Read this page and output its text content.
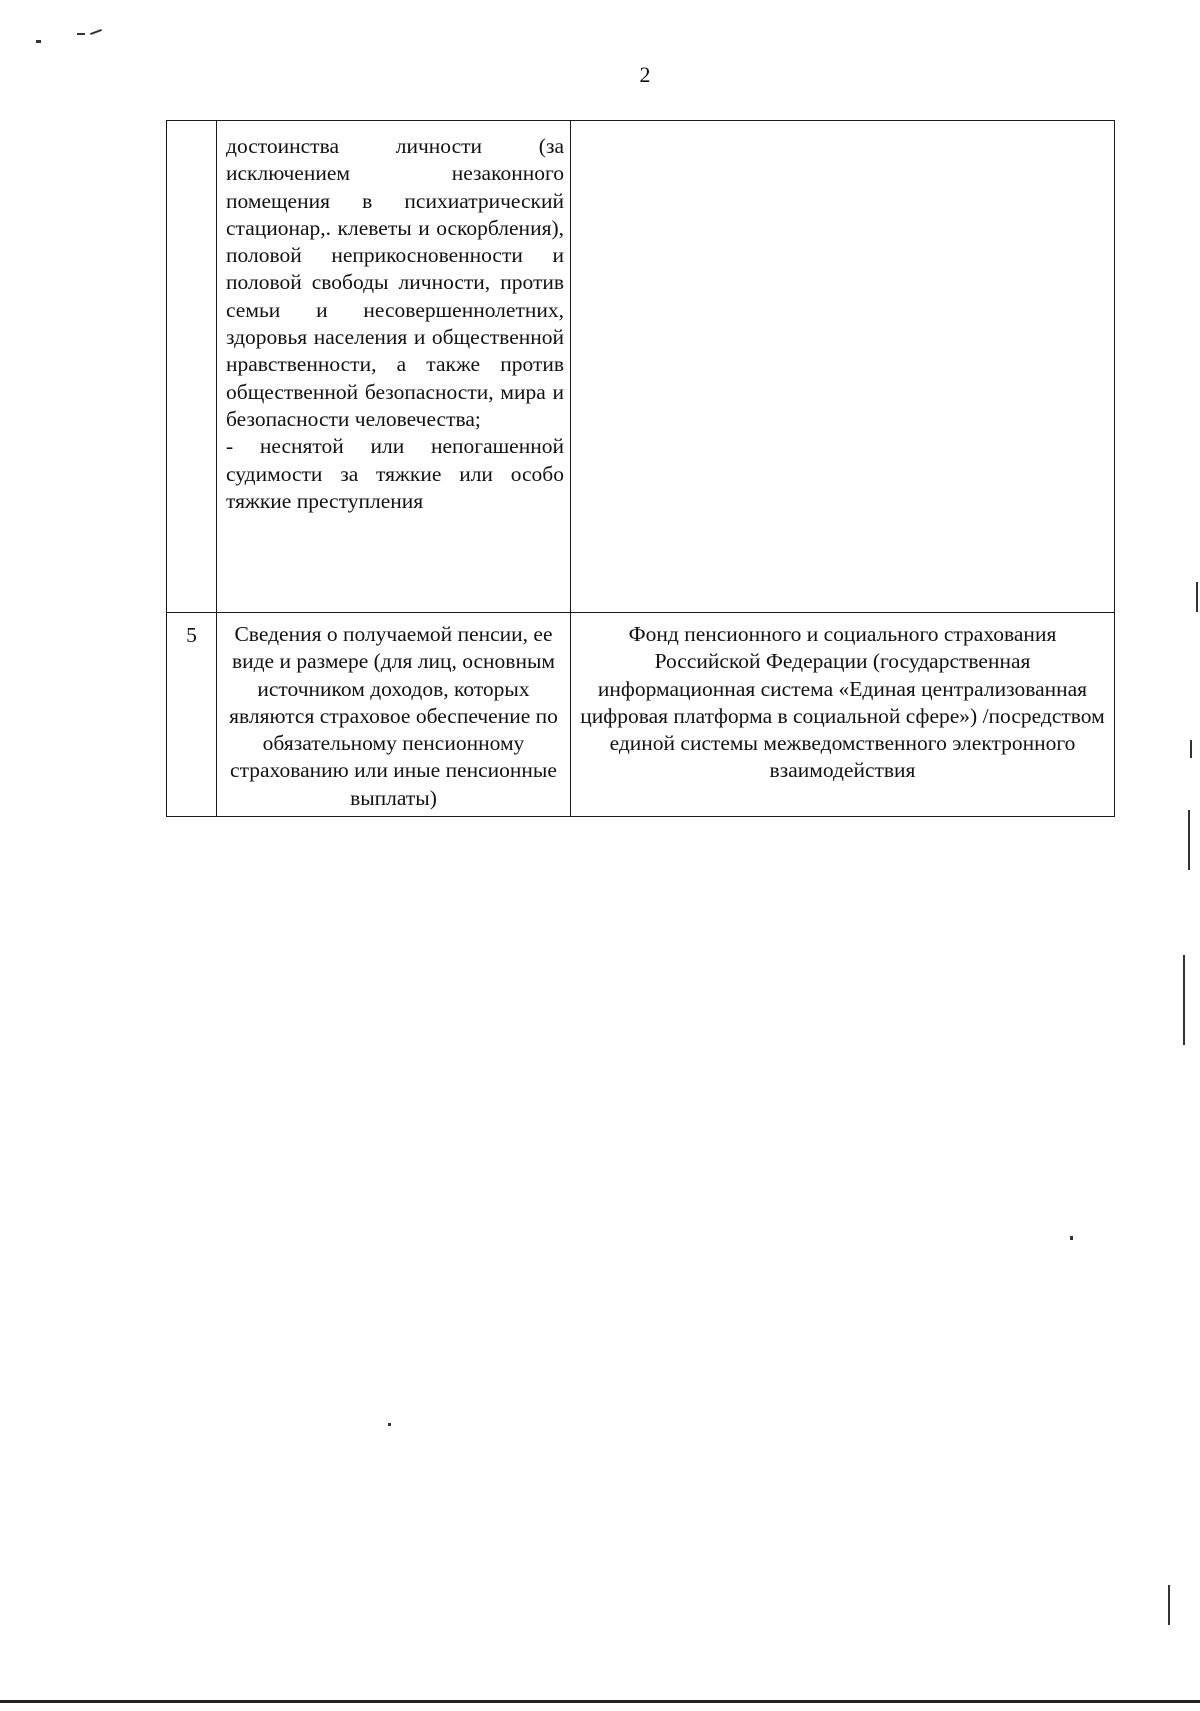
2

	достоинства личности (за исключением незаконного помещения в психиатрический стационар,. клеветы и оскорбления), половой неприкосновенности и половой свободы личности, против семьи и несовершеннолетних, здоровья населения и общественной нравственности, а также против общественной безопасности, мира и безопасности человечества;

- неснятой или непогашенной судимости за тяжкие или особо тяжкие преступления	

5	Сведения о получаемой пенсии, ее виде и размере (для лиц, основным источником доходов, которых являются страховое обеспечение по обязательному пенсионному страхованию или иные пенсионные выплаты)	Фонд пенсионного и социального страхования Российской Федерации (государственная информационная система «Единая централизованная цифровая платформа в социальной сфере») /посредством единой системы межведомственного электронного взаимодействия
